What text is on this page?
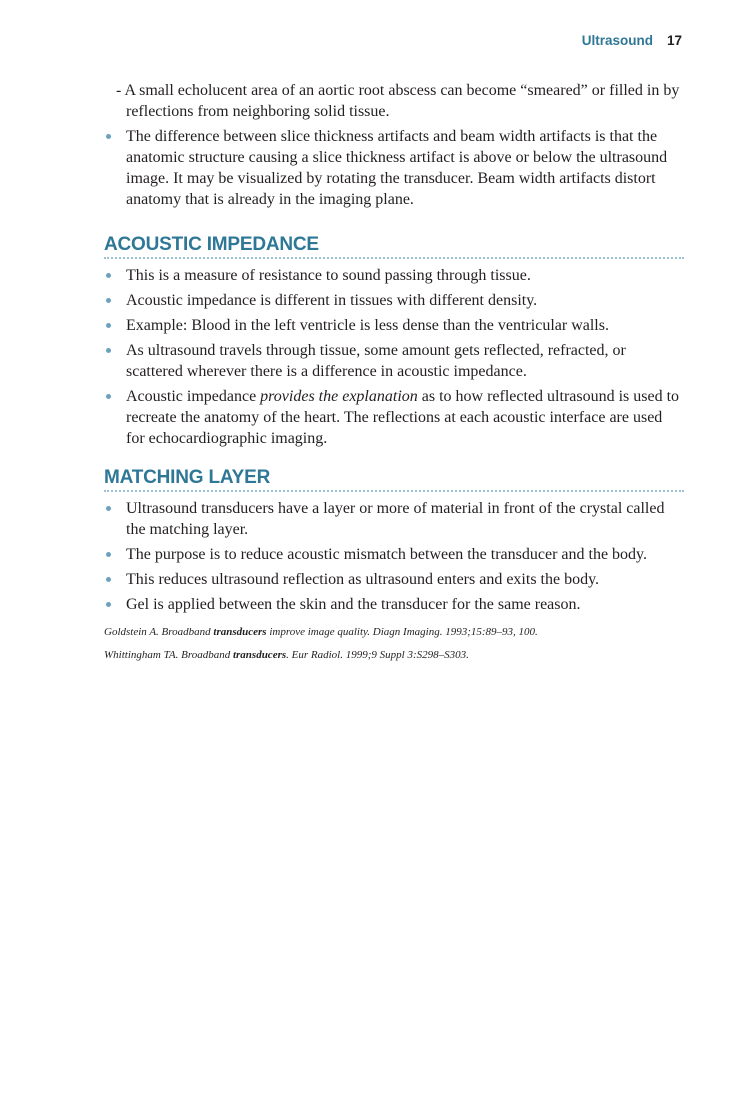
Ultrasound 17
- A small echolucent area of an aortic root abscess can become “smeared” or filled in by reflections from neighboring solid tissue.
The difference between slice thickness artifacts and beam width artifacts is that the anatomic structure causing a slice thickness artifact is above or below the ultrasound image. It may be visualized by rotating the transducer. Beam width artifacts distort anatomy that is already in the imaging plane.
ACOUSTIC IMPEDANCE
This is a measure of resistance to sound passing through tissue.
Acoustic impedance is different in tissues with different density.
Example: Blood in the left ventricle is less dense than the ventricular walls.
As ultrasound travels through tissue, some amount gets reflected, refracted, or scattered wherever there is a difference in acoustic impedance.
Acoustic impedance provides the explanation as to how reflected ultrasound is used to recreate the anatomy of the heart. The reflections at each acoustic interface are used for echocardiographic imaging.
MATCHING LAYER
Ultrasound transducers have a layer or more of material in front of the crystal called the matching layer.
The purpose is to reduce acoustic mismatch between the transducer and the body.
This reduces ultrasound reflection as ultrasound enters and exits the body.
Gel is applied between the skin and the transducer for the same reason.

Goldstein A. Broadband transducers improve image quality. Diagn Imaging. 1993;15:89–93, 100.

Whittingham TA. Broadband transducers. Eur Radiol. 1999;9 Suppl 3:S298–S303.
